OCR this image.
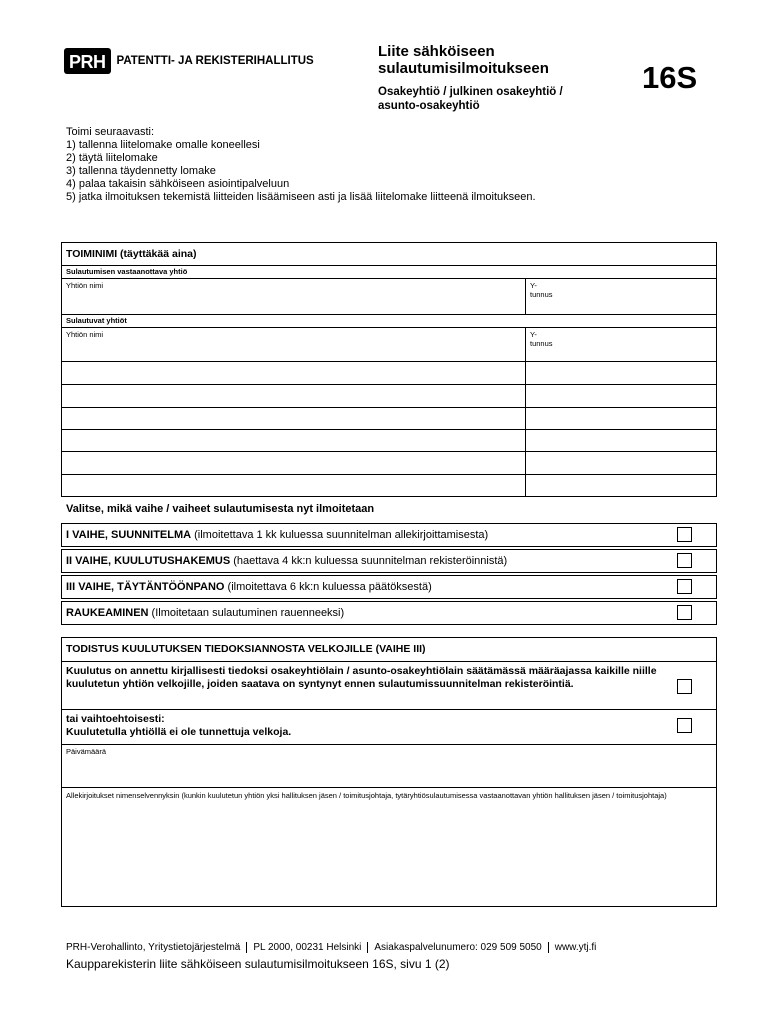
PRH PATENTTI- JA REKISTERIHALLITUS
Liite sähköiseen
sulautumisilmoitukseen
Osakeyhtiö / julkinen osakeyhtiö /
asunto-osakeyhtiö
16S
Toimi seuraavasti:
1) tallenna liitelomake omalle koneellesi
2) täytä liitelomake
3) tallenna täydennetty lomake
4) palaa takaisin sähköiseen asiointipalveluun
5) jatka ilmoituksen tekemistä liitteiden lisäämiseen asti ja lisää liitelomake liitteenä ilmoitukseen.
TOIMINIMI (täyttäkää aina)
Sulautumisen vastaanottava yhtiö
Yhtiön nimi	Y-tunnus
Sulautuvat yhtiöt
Yhtiön nimi	Y-tunnus
Valitse, mikä vaihe / vaiheet sulautumisesta nyt ilmoitetaan
I VAIHE, SUUNNITELMA (ilmoitettava 1 kk kuluessa suunnitelman allekirjoittamisesta)
II VAIHE, KUULUTUSHAKEMUS (haettava 4 kk:n kuluessa suunnitelman rekisteröinnistä)
III VAIHE, TÄYTÄNTÖÖNPANO (ilmoitettava 6 kk:n kuluessa päätöksestä)
RAUKEAMINEN (Ilmoitetaan sulautuminen rauenneeksi)
TODISTUS KUULUTUKSEN TIEDOKSIANNOSTA VELKOJILLE (VAIHE III)
Kuulutus on annettu kirjallisesti tiedoksi osakeyhtiölain / asunto-osakeyhtiölain säätämässä määräajassa kaikille niille kuulutetun yhtiön velkojille, joiden saatava on syntynyt ennen sulautumissuunnitelman rekisteröintiä.
tai vaihtoehtoisesti:
Kuulutetulla yhtiöllä ei ole tunnettuja velkoja.
Päivämäärä
Allekirjoitukset nimenselvennyksin (kunkin kuulutetun yhtiön yksi hallituksen jäsen / toimitusjohtaja, tytäryhtiösulautumisessa vastaanottavan yhtiön hallituksen jäsen / toimitusjohtaja)
PRH-Verohallinto, Yritystietojärjestelmä PL 2000, 00231 Helsinki Asiakaspalvelunumero: 029 509 5050 www.ytj.fi
Kaupparekisterin liite sähköiseen sulautumisilmoitukseen 16S, sivu 1 (2)
